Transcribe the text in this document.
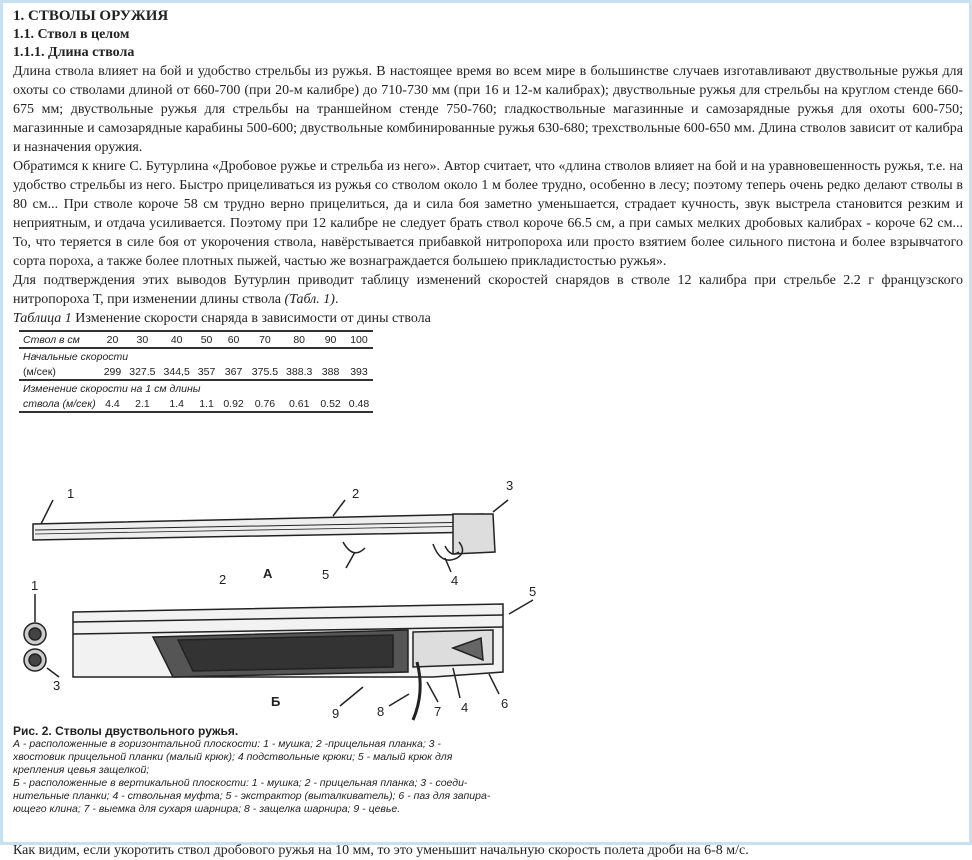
1. СТВОЛЫ ОРУЖИЯ
1.1. Ствол в целом
1.1.1. Длина ствола

Длина ствола влияет на бой и удобство стрельбы из ружья. В настоящее время во всем мире в большинстве случаев изготавливают двуствольные ружья для охоты со стволами длиной от 660-700 (при 20-м калибре) до 710-730 мм (при 16 и 12-м калибрах); двуствольные ружья для стрельбы на круглом стенде 660-675 мм; двуствольные ружья для стрельбы на траншейном стенде 750-760; гладкоствольные магазинные и самозарядные ружья для охоты 600-750; магазинные и самозарядные карабины 500-600; двуствольные комбинированные ружья 630-680; трехствольные 600-650 мм. Длина стволов зависит от калибра и назначения оружия.

Обратимся к книге С. Бутурлина «Дробовое ружье и стрельба из него». Автор считает, что «длина стволов влияет на бой и на уравновешенность ружья, т.е. на удобство стрельбы из него. Быстро прицеливаться из ружья со стволом около 1 м более трудно, особенно в лесу; поэтому теперь очень редко делают стволы в 80 см... При стволе короче 58 см трудно верно прицелиться, да и сила боя заметно уменьшается, страдает кучность, звук выстрела становится резким и неприятным, и отдача усиливается. Поэтому при 12 калибре не следует брать ствол короче 66.5 см, а при самых мелких дробовых калибрах - короче 62 см... То, что теряется в силе боя от укорочения ствола, навёрстывается прибавкой нитропороха или просто взятием более сильного пистона и более взрывчатого сорта пороха, а также более плотных пыжей, частью же вознаграждается большею прикладистостью ружья».

Для подтверждения этих выводов Бутурлин приводит таблицу изменений скоростей снарядов в стволе 12 калибра при стрельбе 2.2 г французского нитропороха Т, при изменении длины ствола (Табл. 1).

Таблица 1 Изменение скорости снаряда в зависимости от дины ствола

Ствол в см	20	30	40	50	60	70	80	90	100
Начальные скорости									
(м/сек)	299	327.5	344,5	357	367	375.5	388.3	388	393
Изменение скорости на 1 см длины									
ствола (м/сек)	4.4	2.1	1.4	1.1	0.92	0.76	0.61	0.52	0.48
1	2
3
4
5
А
2
1
3
5
6
4
7
8
9
Б
Рис. 2. Стволы двуствольного ружья.
А - расположенные в горизонтальной плоскости: 1 - мушка; 2 -прицельная планка; 3 -
хвостовик прицельной планки (малый крюк); 4 подствольные крюки; 5 - малый крюк для
крепления цевья защелкой;
Б - расположенные в вертикальной плоскости: 1 - мушка; 2 - прицельная планка; 3 - соеди-
нительные планки; 4 - ствольная муфта; 5 - экстрактор (выталкиватель); 6 - паз для запира-
ющего клина; 7 - выемка для сухаря шарнира; 8 - защелка шарнира; 9 - цевье.

Как видим, если укоротить ствол дробового ружья на 10 мм, то это уменьшит начальную скорость полета дроби на 6-8 м/с.
